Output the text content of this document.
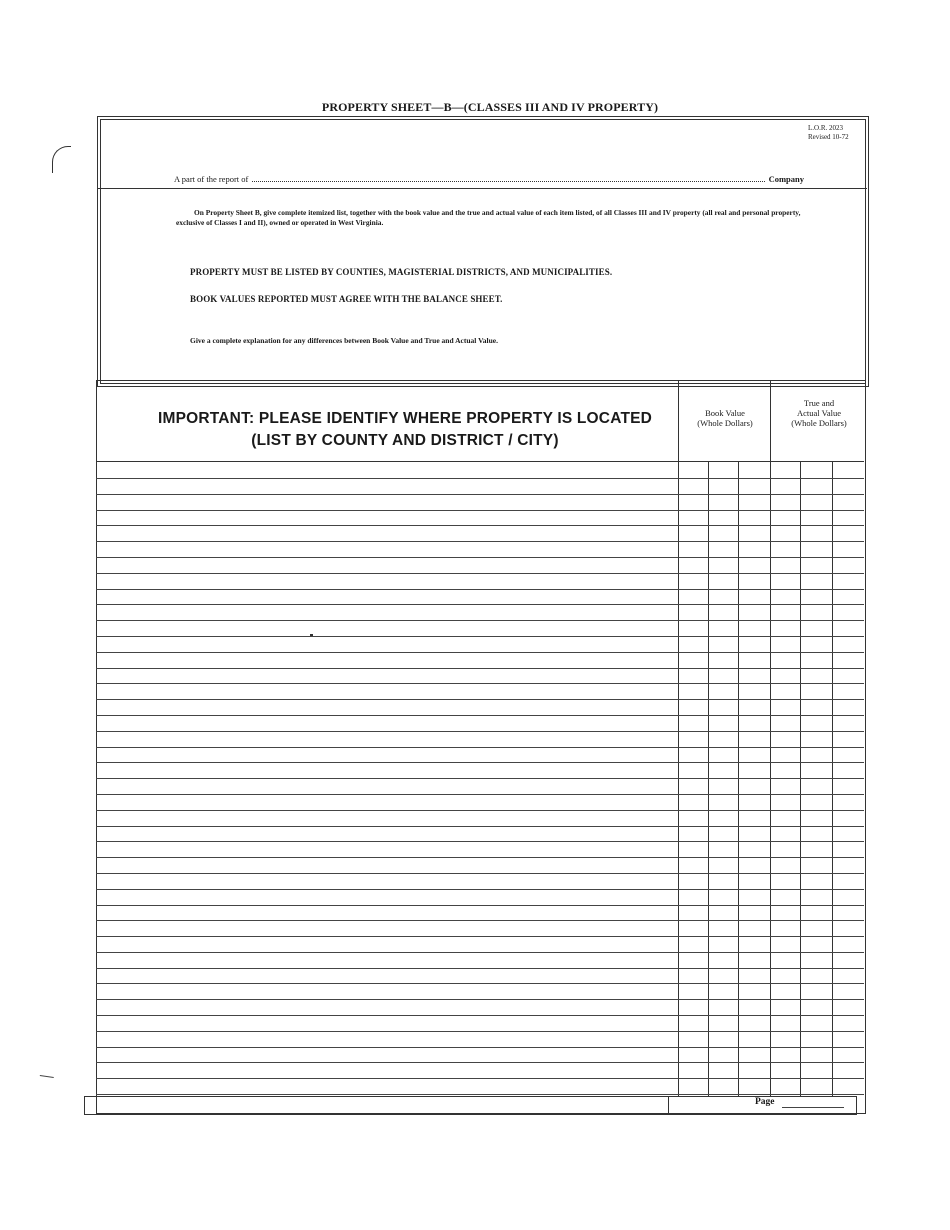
PROPERTY SHEET—B—(CLASSES III AND IV PROPERTY)
L.O.R. 2023
Revised 10-72
A part of the report of	Company
On Property Sheet B, give complete itemized list, together with the book value and the true and actual value of each item listed, of all Classes III and IV property (all real and personal property, exclusive of Classes I and II), owned or operated in West Virginia.
PROPERTY MUST BE LISTED BY COUNTIES, MAGISTERIAL DISTRICTS, AND MUNICIPALITIES.
BOOK VALUES REPORTED MUST AGREE WITH THE BALANCE SHEET.
Give a complete explanation for any differences between Book Value and True and Actual Value.
IMPORTANT: PLEASE IDENTIFY WHERE PROPERTY IS LOCATED
(LIST BY COUNTY AND DISTRICT / CITY)
Book Value
(Whole Dollars)
True and
Actual Value
(Whole Dollars)
Page
